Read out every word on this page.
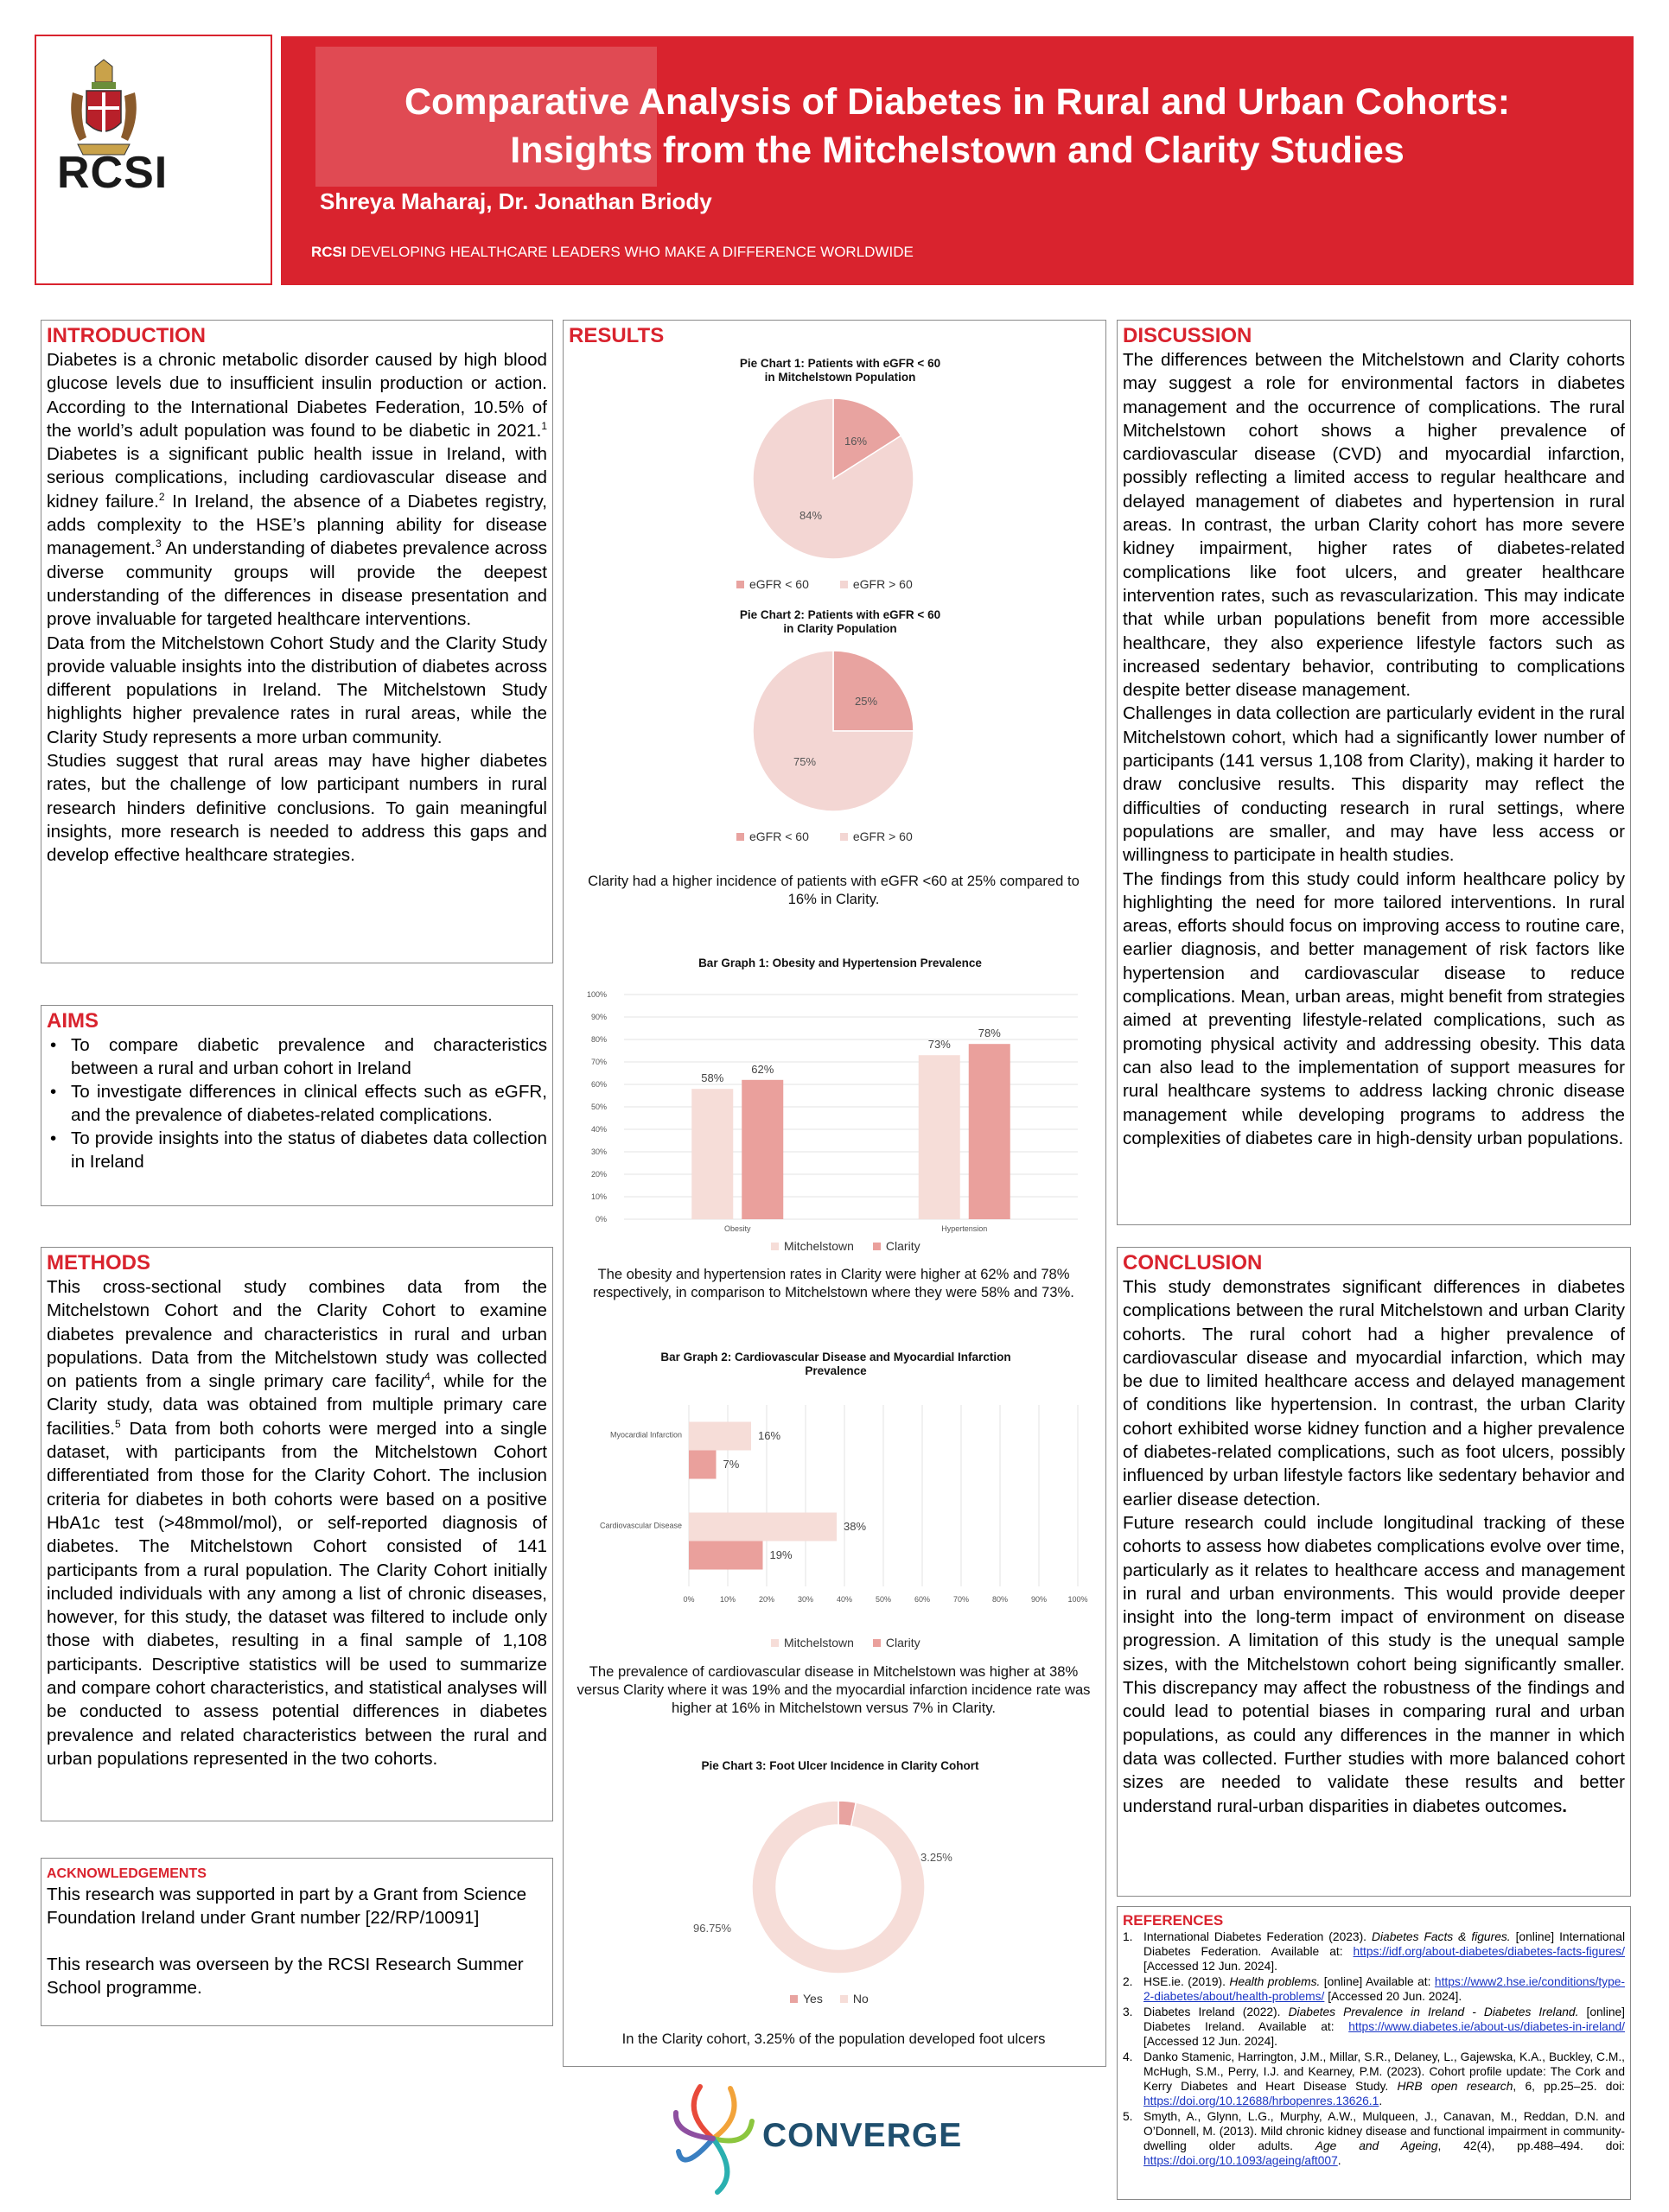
RCSI
Comparative Analysis of Diabetes in Rural and Urban Cohorts:
Insights from the Mitchelstown and Clarity Studies
Shreya Maharaj, Dr. Jonathan Briody
RCSI DEVELOPING HEALTHCARE LEADERS WHO MAKE A DIFFERENCE WORLDWIDE
INTRODUCTION

Diabetes is a chronic metabolic disorder caused by high blood glucose levels due to insufficient insulin production or action. According to the International Diabetes Federation, 10.5% of the world’s adult population was found to be diabetic in 2021.$^1$ Diabetes is a significant public health issue in Ireland, with serious complications, including cardiovascular disease and kidney failure.$^2$ In Ireland, the absence of a Diabetes registry, adds complexity to the HSE’s planning ability for disease management.$^3$ An understanding of diabetes prevalence across diverse community groups will provide the deepest understanding of the differences in disease presentation and prove invaluable for targeted healthcare interventions.

Data from the Mitchelstown Cohort Study and the Clarity Study provide valuable insights into the distribution of diabetes across different populations in Ireland. The Mitchelstown Study highlights higher prevalence rates in rural areas, while the Clarity Study represents a more urban community.

Studies suggest that rural areas may have higher diabetes rates, but the challenge of low participant numbers in rural research hinders definitive conclusions. To gain meaningful insights, more research is needed to address this gaps and develop effective healthcare strategies.

AIMS
• To compare diabetic prevalence and characteristics between a rural and urban cohort in Ireland
• To investigate differences in clinical effects such as eGFR, and the prevalence of diabetes-related complications.
• To provide insights into the status of diabetes data collection in Ireland
METHODS

This cross-sectional study combines data from the Mitchelstown Cohort and the Clarity Cohort to examine diabetes prevalence and characteristics in rural and urban populations. Data from the Mitchelstown study was collected on patients from a single primary care facility$^4$, while for the Clarity study, data was obtained from multiple primary care facilities.$^5$ Data from both cohorts were merged into a single dataset, with participants from the Mitchelstown Cohort differentiated from those for the Clarity Cohort. The inclusion criteria for diabetes in both cohorts were based on a positive HbA1c test (>48mmol/mol), or self-reported diagnosis of diabetes. The Mitchelstown Cohort consisted of 141 participants from a rural population. The Clarity Cohort initially included individuals with any among a list of chronic diseases, however, for this study, the dataset was filtered to include only those with diabetes, resulting in a final sample of 1,108 participants. Descriptive statistics will be used to summarize and compare cohort characteristics, and statistical analyses will be conducted to assess potential differences in diabetes prevalence and related characteristics between the rural and urban populations represented in the two cohorts.

ACKNOWLEDGEMENTS

This research was supported in part by a Grant from Science Foundation Ireland under Grant number [22/RP/10091]

This research was overseen by the RCSI Research Summer School programme.

RESULTS
Pie Chart 1: Patients with eGFR < 60
in Mitchelstown Population
16%
84%
eGFR < 60	eGFR > 60
Pie Chart 2: Patients with eGFR < 60
in Clarity Population
25%
75%
eGFR < 60	eGFR > 60
Clarity had a higher incidence of patients with eGFR <60 at 25% compared to 16% in Clarity.
Bar Graph 1: Obesity and Hypertension Prevalence
0%
10%
20%
30%
40%
50%
60%
70%
80%
90%
100%
58%
62%
Obesity
73%
78%
Hypertension
Mitchelstown	Clarity
The obesity and hypertension rates in Clarity were higher at 62% and 78% respectively, in comparison to Mitchelstown where they were 58% and 73%.
Bar Graph 2: Cardiovascular Disease and Myocardial Infarction
Prevalence
0%	10%	20%	30%	40%	50%	60%	70%	80%	90%	100%
16%
7%
Myocardial Infarction
38%
19%
Cardiovascular Disease
Mitchelstown	Clarity
The prevalence of cardiovascular disease in Mitchelstown was higher at 38% versus Clarity where it was 19% and the myocardial infarction incidence rate was higher at 16% in Mitchelstown versus 7% in Clarity.
Pie Chart 3: Foot Ulcer Incidence in Clarity Cohort
3.25%
96.75%
Yes	No
In the Clarity cohort, 3.25% of the population developed foot ulcers
DISCUSSION

The differences between the Mitchelstown and Clarity cohorts may suggest a role for environmental factors in diabetes management and the occurrence of complications. The rural Mitchelstown cohort shows a higher prevalence of cardiovascular disease (CVD) and myocardial infarction, possibly reflecting a limited access to regular healthcare and delayed management of diabetes and hypertension in rural areas. In contrast, the urban Clarity cohort has more severe kidney impairment, higher rates of diabetes-related complications like foot ulcers, and greater healthcare intervention rates, such as revascularization. This may indicate that while urban populations benefit from more accessible healthcare, they also experience lifestyle factors such as increased sedentary behavior, contributing to complications despite better disease management.

Challenges in data collection are particularly evident in the rural Mitchelstown cohort, which had a significantly lower number of participants (141 versus 1,108 from Clarity), making it harder to draw conclusive results. This disparity may reflect the difficulties of conducting research in rural settings, where populations are smaller, and may have less access or willingness to participate in health studies.

The findings from this study could inform healthcare policy by highlighting the need for more tailored interventions. In rural areas, efforts should focus on improving access to routine care, earlier diagnosis, and better management of risk factors like hypertension and cardiovascular disease to reduce complications. Mean, urban areas, might benefit from strategies aimed at preventing lifestyle-related complications, such as promoting physical activity and addressing obesity. This data can also lead to the implementation of support measures for rural healthcare systems to address lacking chronic disease management while developing programs to address the complexities of diabetes care in high-density urban populations.

CONCLUSION

This study demonstrates significant differences in diabetes complications between the rural Mitchelstown and urban Clarity cohorts. The rural cohort had a higher prevalence of cardiovascular disease and myocardial infarction, which may be due to limited healthcare access and delayed management of conditions like hypertension. In contrast, the urban Clarity cohort exhibited worse kidney function and a higher prevalence of diabetes-related complications, such as foot ulcers, possibly influenced by urban lifestyle factors like sedentary behavior and earlier disease detection.

Future research could include longitudinal tracking of these cohorts to assess how diabetes complications evolve over time, particularly as it relates to healthcare access and management in rural and urban environments. This would provide deeper insight into the long-term impact of environment on disease progression. A limitation of this study is the unequal sample sizes, with the Mitchelstown cohort being significantly smaller. This discrepancy may affect the robustness of the findings and could lead to potential biases in comparing rural and urban populations, as could any differences in the manner in which data was collected. Further studies with more balanced cohort sizes are needed to validate these results and better understand rural-urban disparities in diabetes outcomes.

REFERENCES
1. International Diabetes Federation (2023). Diabetes Facts & figures. [online] International Diabetes Federation. Available at: https://idf.org/about-diabetes/diabetes-facts-figures/ [Accessed 12 Jun. 2024].
2. HSE.ie. (2019). Health problems. [online] Available at: https://www2.hse.ie/conditions/type-2-diabetes/about/health-problems/ [Accessed 20 Jun. 2024].
3. Diabetes Ireland (2022). Diabetes Prevalence in Ireland - Diabetes Ireland. [online] Diabetes Ireland. Available at: https://www.diabetes.ie/about-us/diabetes-in-ireland/ [Accessed 12 Jun. 2024].
4. Danko Stamenic, Harrington, J.M., Millar, S.R., Delaney, L., Gajewska, K.A., Buckley, C.M., McHugh, S.M., Perry, I.J. and Kearney, P.M. (2023). Cohort profile update: The Cork and Kerry Diabetes and Heart Disease Study. HRB open research, 6, pp.25–25. doi: https://doi.org/10.12688/hrbopenres.13626.1.
5. Smyth, A., Glynn, L.G., Murphy, A.W., Mulqueen, J., Canavan, M., Reddan, D.N. and O’Donnell, M. (2013). Mild chronic kidney disease and functional impairment in community-dwelling older adults. Age and Ageing, 42(4), pp.488–494. doi: https://doi.org/10.1093/ageing/aft007.
CONVERGE
